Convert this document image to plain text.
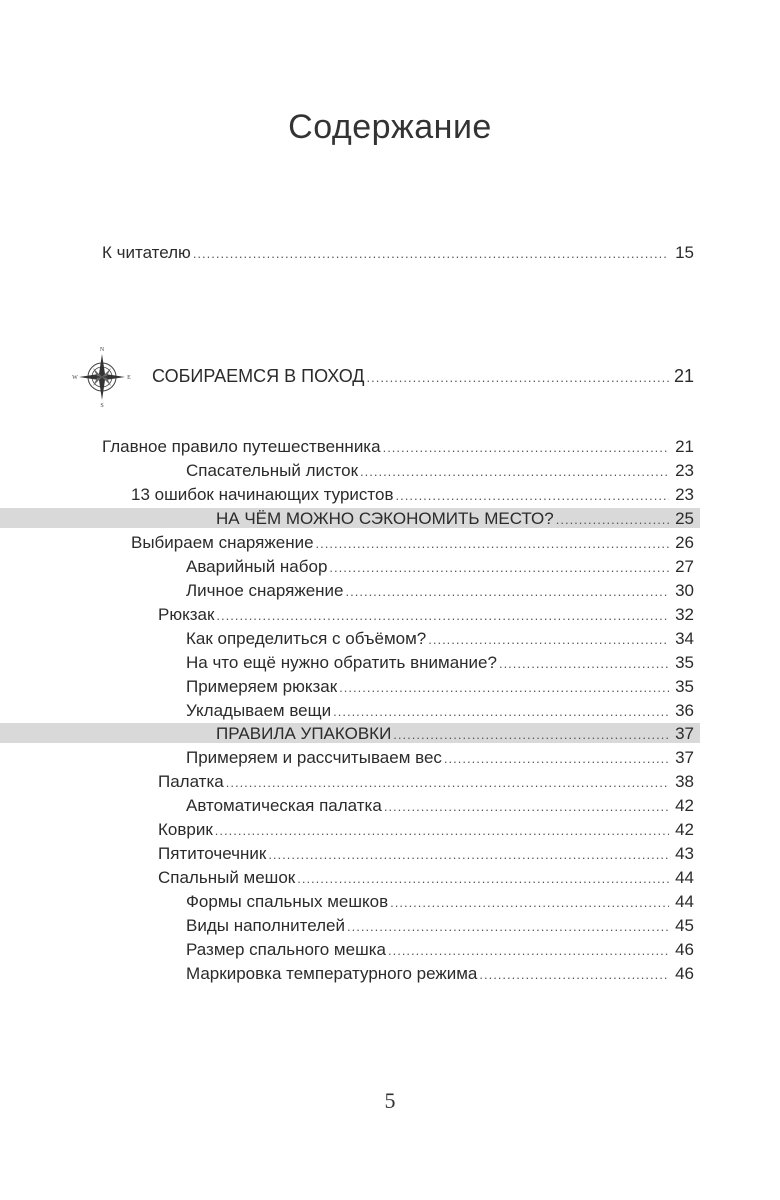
Содержание
N
S
E
W
К читателю .....	15
СОБИРАЕМСЯ В ПОХОД .....	21
Главное правило путешественника .....	21
Спасательный листок .....	23
13 ошибок начинающих туристов .....	23
НА ЧЁМ МОЖНО СЭКОНОМИТЬ МЕСТО? .....	25
Выбираем снаряжение .....	26
Аварийный набор .....	27
Личное снаряжение .....	30
Рюкзак .....	32
Как определиться с объёмом? .....	34
На что ещё нужно обратить внимание? .....	35
Примеряем рюкзак .....	35
Укладываем вещи .....	36
ПРАВИЛА УПАКОВКИ .....	37
Примеряем и рассчитываем вес .....	37
Палатка .....	38
Автоматическая палатка .....	42
Коврик .....	42
Пятиточечник .....	43
Спальный мешок .....	44
Формы спальных мешков .....	44
Виды наполнителей .....	45
Размер спального мешка .....	46
Маркировка температурного режима .....	46
5
